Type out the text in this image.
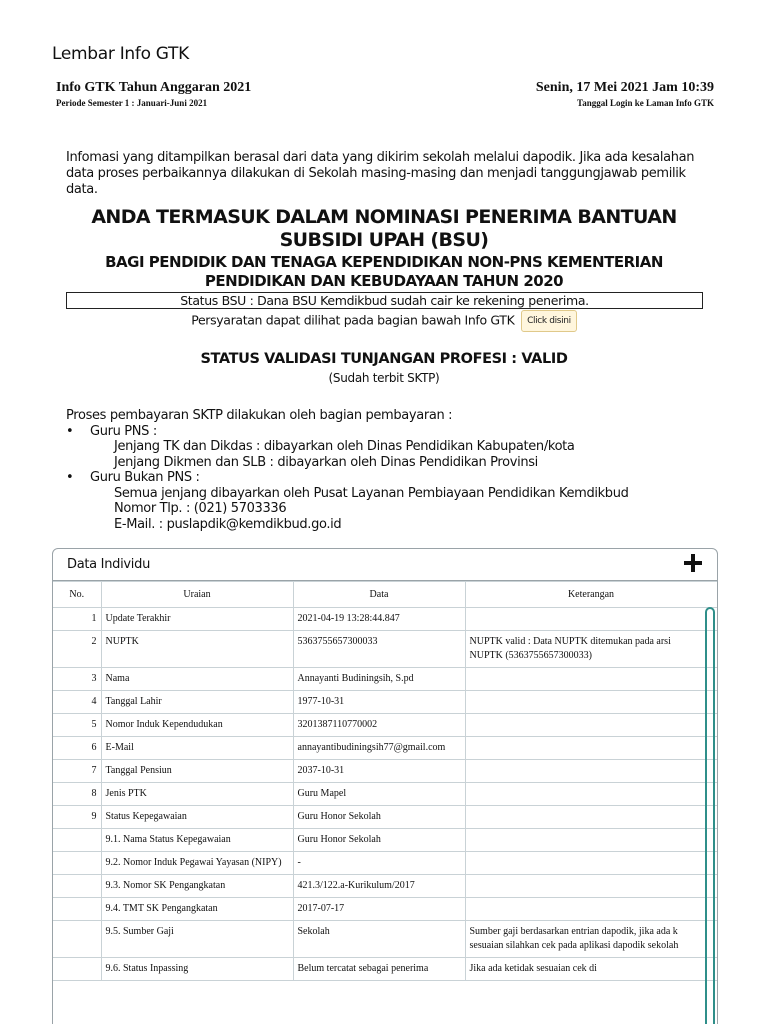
Lembar Info GTK
Info GTK Tahun Anggaran 2021
Periode Semester 1 : Januari-Juni 2021
Senin, 17 Mei 2021 Jam 10:39
Tanggal Login ke Laman Info GTK
Infomasi yang ditampilkan berasal dari data yang dikirim sekolah melalui dapodik. Jika ada kesalahan data proses perbaikannya dilakukan di Sekolah masing-masing dan menjadi tanggungjawab pemilik data.
ANDA TERMASUK DALAM NOMINASI PENERIMA BANTUAN SUBSIDI UPAH (BSU)
BAGI PENDIDIK DAN TENAGA KEPENDIDIKAN NON-PNS KEMENTERIAN PENDIDIKAN DAN KEBUDAYAAN TAHUN 2020
Status BSU : Dana BSU Kemdikbud sudah cair ke rekening penerima.
Persyaratan dapat dilihat pada bagian bawah Info GTK Click disini
STATUS VALIDASI TUNJANGAN PROFESI : VALID
(Sudah terbit SKTP)
Proses pembayaran SKTP dilakukan oleh bagian pembayaran :
• Guru PNS :
Jenjang TK dan Dikdas : dibayarkan oleh Dinas Pendidikan Kabupaten/kota
Jenjang Dikmen dan SLB : dibayarkan oleh Dinas Pendidikan Provinsi
• Guru Bukan PNS :
Semua jenjang dibayarkan oleh Pusat Layanan Pembiayaan Pendidikan Kemdikbud
Nomor Tlp. : (021) 5703336
E-Mail. : puslapdik@kemdikbud.go.id
Data Individu
No.	Uraian	Data	Keterangan
1	Update Terakhir	2021-04-19 13:28:44.847	
2	NUPTK	5363755657300033	NUPTK valid : Data NUPTK ditemukan pada arsi
NUPTK (5363755657300033)
3	Nama	Annayanti Budiningsih, S.pd	
4	Tanggal Lahir	1977-10-31	
5	Nomor Induk Kependudukan	3201387110770002	
6	E-Mail	annayantibudiningsih77@gmail.com	
7	Tanggal Pensiun	2037-10-31	
8	Jenis PTK	Guru Mapel	
9	Status Kepegawaian	Guru Honor Sekolah	
	9.1. Nama Status Kepegawaian	Guru Honor Sekolah	
	9.2. Nomor Induk Pegawai Yayasan (NIPY)	-	
	9.3. Nomor SK Pengangkatan	421.3/122.a-Kurikulum/2017	
	9.4. TMT SK Pengangkatan	2017-07-17	
	9.5. Sumber Gaji	Sekolah	Sumber gaji berdasarkan entrian dapodik, jika ada k
sesuaian silahkan cek pada aplikasi dapodik sekolah
	9.6. Status Inpassing	Belum tercatat sebagai penerima	Jika ada ketidak sesuaian cek di
